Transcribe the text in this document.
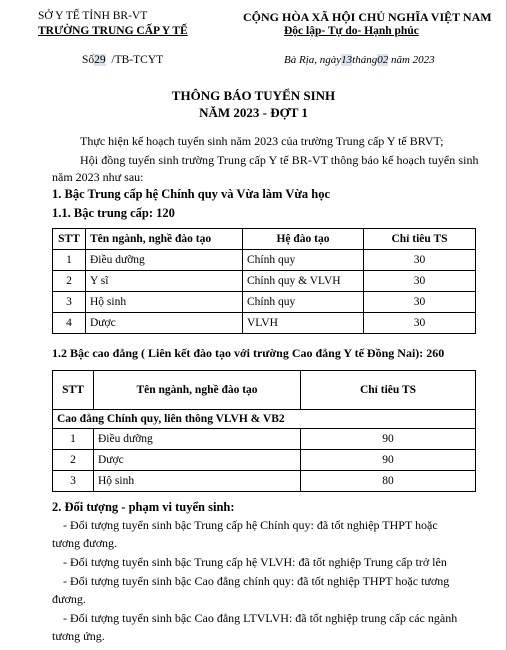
SỞ Y TẾ TỈNH BR-VT
TRƯỜNG TRUNG CẤP Y TẾ
CỘNG HÒA XÃ HỘI CHỦ NGHĨA VIỆT NAM
Độc lập- Tự do- Hạnh phúc
Số29 /TB-TCYT	Bà Rịa, ngày13tháng02 năm 2023
THÔNG BÁO TUYỂN SINH
NĂM 2023 - ĐỢT 1
Thực hiện kế hoạch tuyển sinh năm 2023 của trường Trung cấp Y tế BRVT;
Hội đồng tuyển sinh trường Trung cấp Y tế BR-VT thông báo kế hoạch tuyển sinh
năm 2023 như sau:
1. Bậc Trung cấp hệ Chính quy và Vừa làm Vừa học
1.1. Bậc trung cấp: 120
STT	Tên ngành, nghề đào tạo	Hệ đào tạo	Chỉ tiêu TS
1	Điều dưỡng	Chính quy	30
2	Y sĩ	Chính quy & VLVH	30
3	Hộ sinh	Chính quy	30
4	Dược	VLVH	30
1.2 Bậc cao đẳng ( Liên kết đào tạo với trường Cao đẳng Y tế Đồng Nai): 260
STT	Tên ngành, nghề đào tạo	Chỉ tiêu TS
Cao đẳng Chính quy, liên thông VLVH & VB2		
1	Điều dưỡng	90
2	Dược	90
3	Hộ sinh	80
2. Đối tượng - phạm vi tuyển sinh:
- Đối tượng tuyển sinh bậc Trung cấp hệ Chính quy: đã tốt nghiệp THPT hoặc
tương đương.
- Đối tượng tuyển sinh bậc Trung cấp hệ VLVH: đã tốt nghiệp Trung cấp trở lên
- Đối tượng tuyển sinh bậc Cao đẳng chính quy: đã tốt nghiệp THPT hoặc tương
đương.
- Đối tượng tuyển sinh bậc Cao đẳng LTVLVH: đã tốt nghiệp trung cấp các ngành
tương ứng.
